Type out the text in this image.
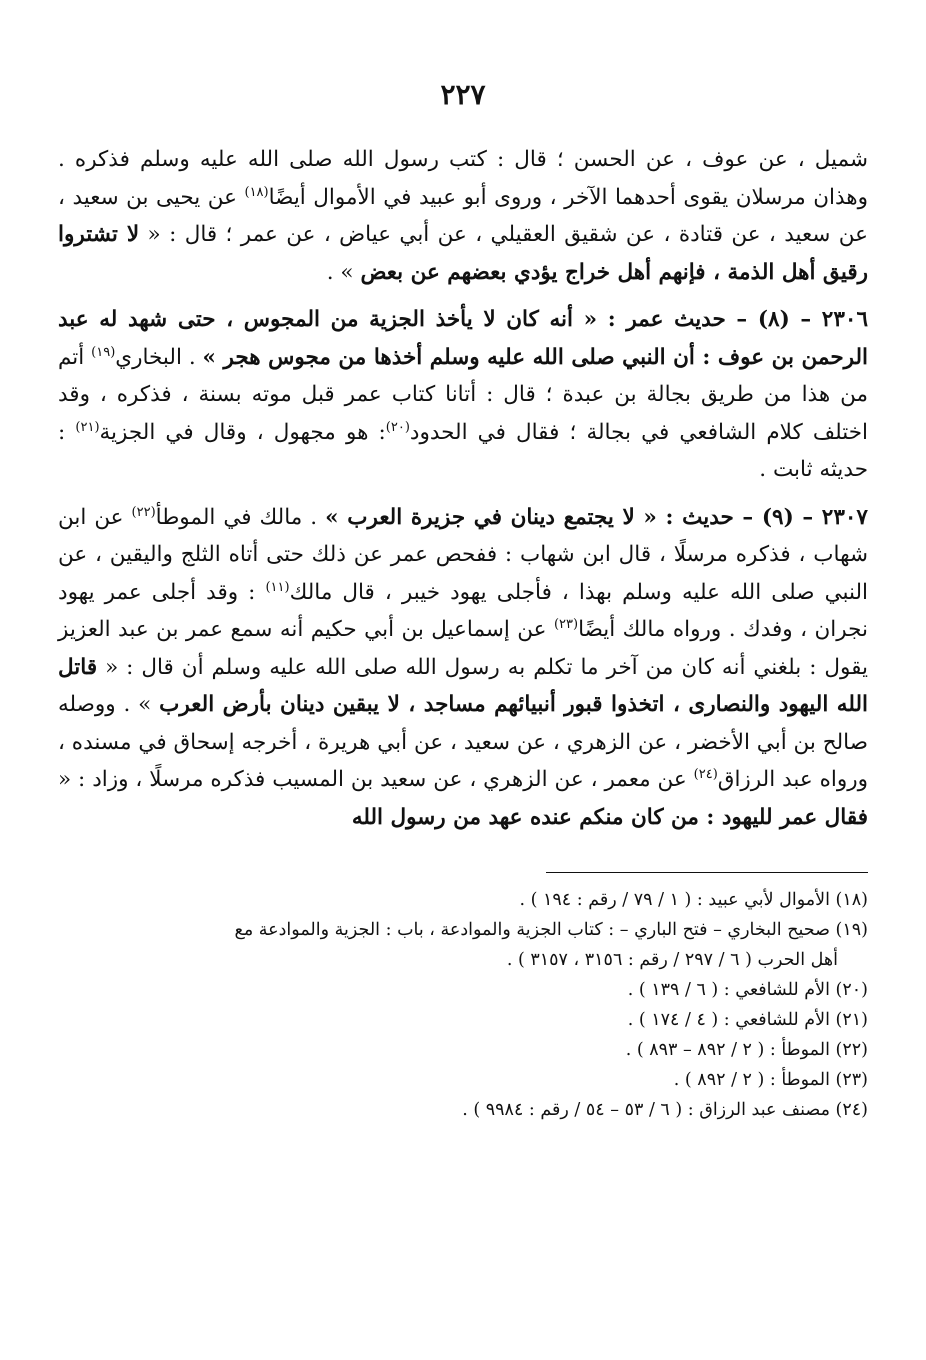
٢٢٧

شميل ، عن عوف ، عن الحسن ؛ قال : كتب رسول الله صلى الله عليه وسلم فذكره . وهذان مرسلان يقوى أحدهما الآخر ، وروى أبو عبيد في الأموال أيضًا$^{(١٨)}$ عن يحيى بن سعيد ، عن سعيد ، عن قتادة ، عن شقيق العقيلي ، عن أبي عياض ، عن عمر ؛ قال : « لا تشتروا رقيق أهل الذمة ، فإنهم أهل خراج يؤدي بعضهم عن بعض » .

٢٣٠٦ – (٨) – حديث عمر : « أنه كان لا يأخذ الجزية من المجوس ، حتى شهد له عبد الرحمن بن عوف : أن النبي صلى الله عليه وسلم أخذها من مجوس هجر » . البخاري$^{(١٩)}$ أتم من هذا من طريق بجالة بن عبدة ؛ قال : أتانا كتاب عمر قبل موته بسنة ، فذكره ، وقد اختلف كلام الشافعي في بجالة ؛ فقال في الحدود$^{(٢٠)}$: هو مجهول ، وقال في الجزية$^{(٢١)}$ : حديثه ثابت .

٢٣٠٧ – (٩) – حديث : « لا يجتمع دينان في جزيرة العرب » . مالك في الموطأ$^{(٢٢)}$ عن ابن شهاب ، فذكره مرسلًا ، قال ابن شهاب : ففحص عمر عن ذلك حتى أتاه الثلج واليقين ، عن النبي صلى الله عليه وسلم بهذا ، فأجلى يهود خيبر ، قال مالك$^{(١١)}$ : وقد أجلى عمر يهود نجران ، وفدك . ورواه مالك أيضًا$^{(٢٣)}$ عن إسماعيل بن أبي حكيم أنه سمع عمر بن عبد العزيز يقول : بلغني أنه كان من آخر ما تكلم به رسول الله صلى الله عليه وسلم أن قال : « قاتل الله اليهود والنصارى ، اتخذوا قبور أنبيائهم مساجد ، لا يبقين دينان بأرض العرب » . ووصله صالح بن أبي الأخضر ، عن الزهري ، عن سعيد ، عن أبي هريرة ، أخرجه إسحاق في مسنده ، ورواه عبد الرزاق$^{(٢٤)}$ عن معمر ، عن الزهري ، عن سعيد بن المسيب فذكره مرسلًا ، وزاد : « فقال عمر لليهود : من كان منكم عنده عهد من رسول الله

(١٨) الأموال لأبي عبيد : ( ١ / ٧٩ / رقم : ١٩٤ ) .

(١٩) صحيح البخاري – فتح الباري – : كتاب الجزية والموادعة ، باب : الجزية والموادعة مع
أهل الحرب ( ٦ / ٢٩٧ / رقم : ٣١٥٦ ، ٣١٥٧ ) .

(٢٠) الأم للشافعي : ( ٦ / ١٣٩ ) .

(٢١) الأم للشافعي : ( ٤ / ١٧٤ ) .

(٢٢) الموطأ : ( ٢ / ٨٩٢ – ٨٩٣ ) .

(٢٣) الموطأ : ( ٢ / ٨٩٢ ) .

(٢٤) مصنف عبد الرزاق : ( ٦ / ٥٣ – ٥٤ / رقم : ٩٩٨٤ ) .
